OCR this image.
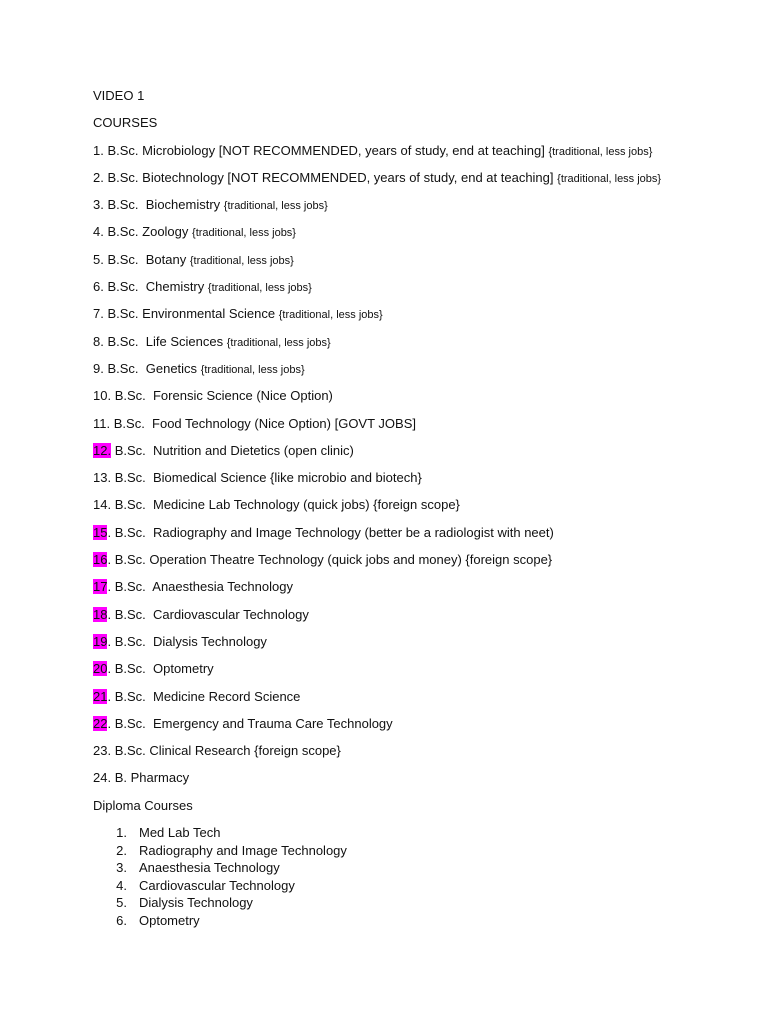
VIDEO 1
COURSES
1. B.Sc. Microbiology [NOT RECOMMENDED, years of study, end at teaching] {traditional, less jobs}
2. B.Sc. Biotechnology [NOT RECOMMENDED, years of study, end at teaching] {traditional, less jobs}
3. B.Sc.  Biochemistry {traditional, less jobs}
4. B.Sc. Zoology {traditional, less jobs}
5. B.Sc.  Botany {traditional, less jobs}
6. B.Sc.  Chemistry {traditional, less jobs}
7. B.Sc. Environmental Science {traditional, less jobs}
8. B.Sc.  Life Sciences {traditional, less jobs}
9. B.Sc.  Genetics {traditional, less jobs}
10. B.Sc.  Forensic Science (Nice Option)
11. B.Sc.  Food Technology (Nice Option) [GOVT JOBS]
12. B.Sc.  Nutrition and Dietetics (open clinic)
13. B.Sc.  Biomedical Science {like microbio and biotech}
14. B.Sc.  Medicine Lab Technology (quick jobs) {foreign scope}
15. B.Sc.  Radiography and Image Technology (better be a radiologist with neet)
16. B.Sc. Operation Theatre Technology (quick jobs and money) {foreign scope}
17. B.Sc.  Anaesthesia Technology
18. B.Sc.  Cardiovascular Technology
19. B.Sc.  Dialysis Technology
20. B.Sc.  Optometry
21. B.Sc.  Medicine Record Science
22. B.Sc.  Emergency and Trauma Care Technology
23. B.Sc. Clinical Research {foreign scope}
24. B. Pharmacy
Diploma Courses
1. Med Lab Tech
2. Radiography and Image Technology
3. Anaesthesia Technology
4. Cardiovascular Technology
5. Dialysis Technology
6. Optometry
